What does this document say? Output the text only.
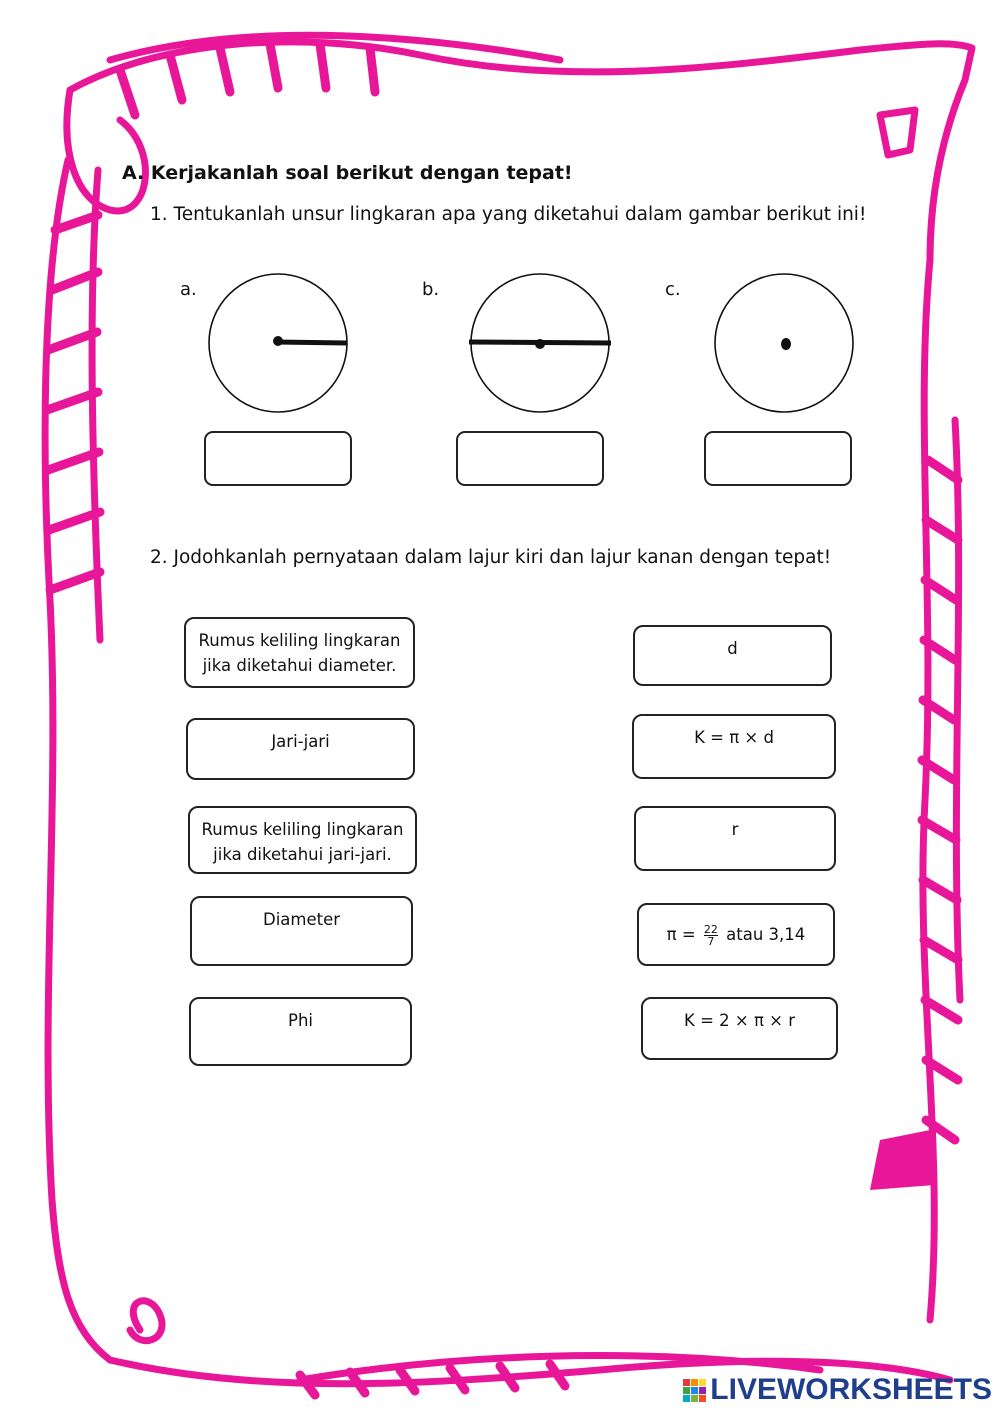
A. Kerjakanlah soal berikut dengan tepat!
1. Tentukanlah unsur lingkaran apa yang diketahui dalam gambar berikut ini!
a.	b.	c.
2. Jodohkanlah pernyataan dalam lajur kiri dan lajur kanan dengan tepat!
Rumus keliling lingkaran
jika diketahui diameter.
Jari-jari
Rumus keliling lingkaran
jika diketahui jari-jari.
Diameter
Phi
d
K = π × d
r
$\pi = \frac{22}{7}$ atau 3,14
K = 2 × π × r
LIVEWORKSHEETS
